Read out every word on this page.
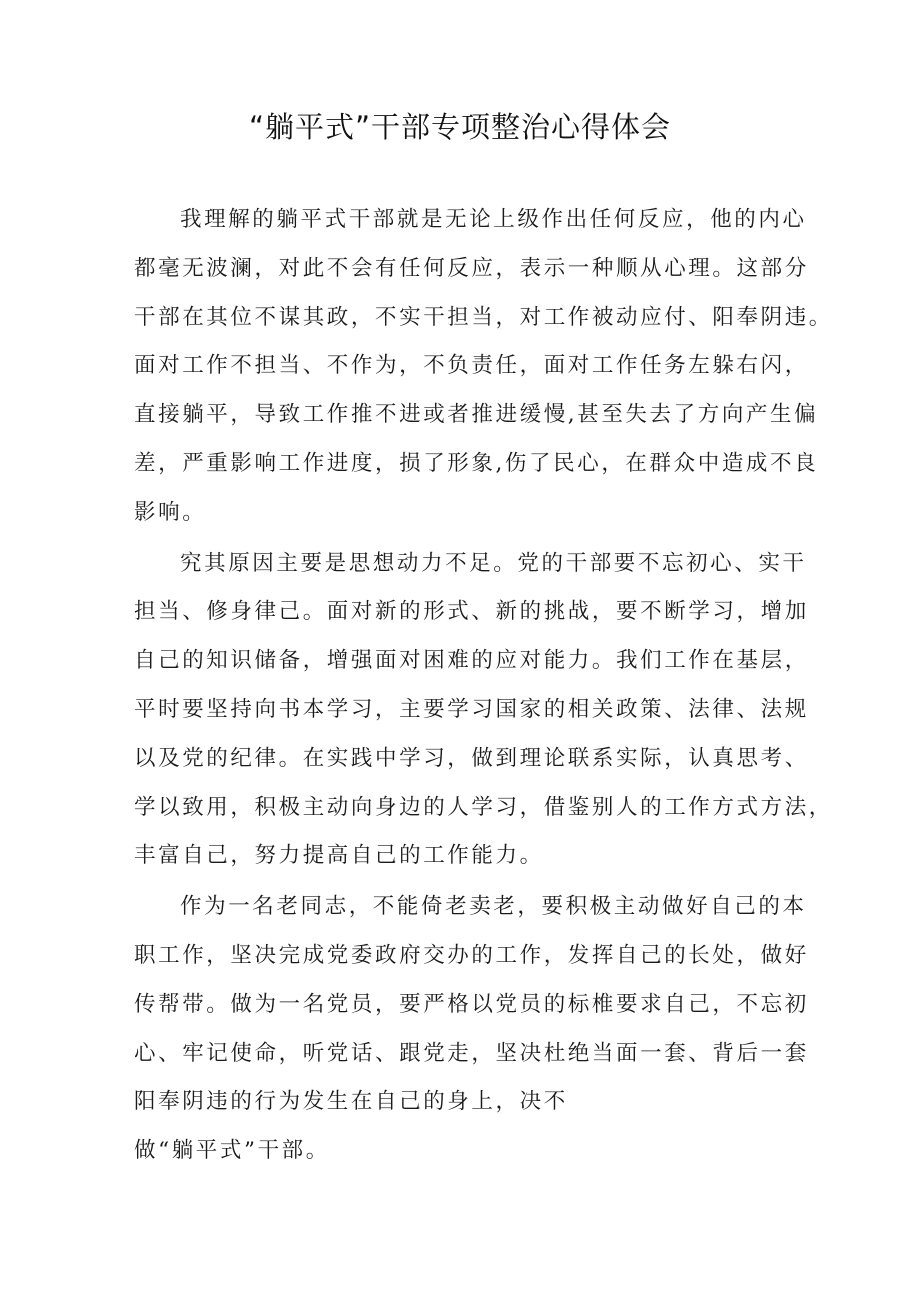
“躺平式”干部专项整治心得体会
我理解的躺平式干部就是无论上级作出任何反应，他的内心
都毫无波澜，对此不会有任何反应，表示一种顺从心理。这部分
干部在其位不谋其政，不实干担当，对工作被动应付、阳奉阴违。
面对工作不担当、不作为，不负责任，面对工作任务左躲右闪，
直接躺平，导致工作推不进或者推进缓慢,甚至失去了方向产生偏
差，严重影响工作进度，损了形象,伤了民心，在群众中造成不良
影响。
究其原因主要是思想动力不足。党的干部要不忘初心、实干
担当、修身律己。面对新的形式、新的挑战，要不断学习，增加
自己的知识储备，增强面对困难的应对能力。我们工作在基层，
平时要坚持向书本学习，主要学习国家的相关政策、法律、法规
以及党的纪律。在实践中学习，做到理论联系实际，认真思考、
学以致用，积极主动向身边的人学习，借鉴别人的工作方式方法，
丰富自己，努力提高自己的工作能力。
作为一名老同志，不能倚老卖老，要积极主动做好自己的本
职工作，坚决完成党委政府交办的工作，发挥自己的长处，做好
传帮带。做为一名党员，要严格以党员的标椎要求自己，不忘初
心、牢记使命，听党话、跟党走，坚决杜绝当面一套、背后一套
阳奉阴违的行为发生在自己的身上，决不
做“躺平式”干部。
